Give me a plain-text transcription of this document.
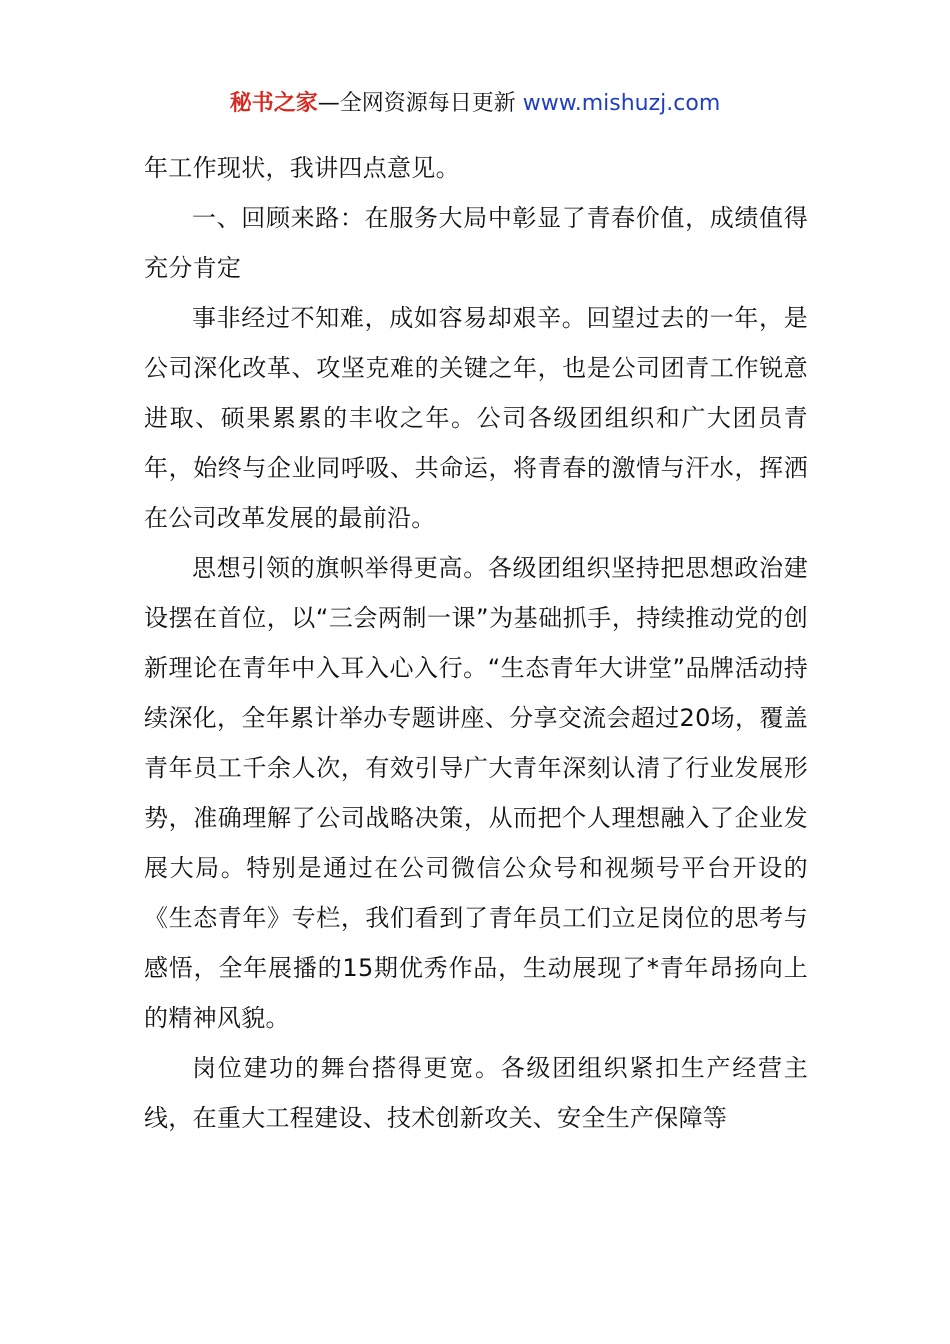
秘书之家—全网资源每日更新 www.mishuzj.com

年工作现状，我讲四点意见。

一、回顾来路：在服务大局中彰显了青春价值，成绩值得充分肯定

事非经过不知难，成如容易却艰辛。回望过去的一年，是公司深化改革、攻坚克难的关键之年，也是公司团青工作锐意进取、硕果累累的丰收之年。公司各级团组织和广大团员青年，始终与企业同呼吸、共命运，将青春的激情与汗水，挥洒在公司改革发展的最前沿。

思想引领的旗帜举得更高。各级团组织坚持把思想政治建设摆在首位，以“三会两制一课”为基础抓手，持续推动党的创新理论在青年中入耳入心入行。“生态青年大讲堂”品牌活动持续深化，全年累计举办专题讲座、分享交流会超过20场，覆盖青年员工千余人次，有效引导广大青年深刻认清了行业发展形势，准确理解了公司战略决策，从而把个人理想融入了企业发展大局。特别是通过在公司微信公众号和视频号平台开设的《生态青年》专栏，我们看到了青年员工们立足岗位的思考与感悟，全年展播的15期优秀作品，生动展现了*青年昂扬向上的精神风貌。

岗位建功的舞台搭得更宽。各级团组织紧扣生产经营主线，在重大工程建设、技术创新攻关、安全生产保障等
